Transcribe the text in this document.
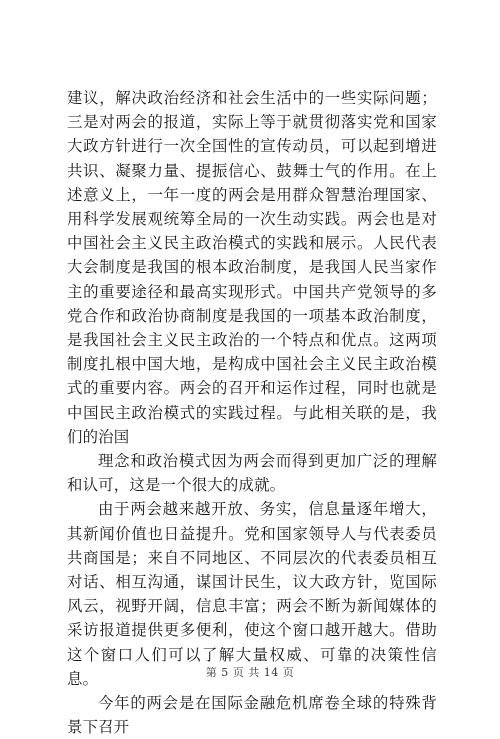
建议，解决政治经济和社会生活中的一些实际问题；三是对两会的报道，实际上等于就贯彻落实党和国家大政方针进行一次全国性的宣传动员，可以起到增进共识、凝聚力量、提振信心、鼓舞士气的作用。在上述意义上，一年一度的两会是用群众智慧治理国家、用科学发展观统筹全局的一次生动实践。两会也是对中国社会主义民主政治模式的实践和展示。人民代表大会制度是我国的根本政治制度，是我国人民当家作主的重要途径和最高实现形式。中国共产党领导的多党合作和政治协商制度是我国的一项基本政治制度，是我国社会主义民主政治的一个特点和优点。这两项制度扎根中国大地，是构成中国社会主义民主政治模式的重要内容。两会的召开和运作过程，同时也就是中国民主政治模式的实践过程。与此相关联的是，我们的治国

理念和政治模式因为两会而得到更加广泛的理解和认可，这是一个很大的成就。

由于两会越来越开放、务实，信息量逐年增大，其新闻价值也日益提升。党和国家领导人与代表委员共商国是；来自不同地区、不同层次的代表委员相互对话、相互沟通，谋国计民生，议大政方针，览国际风云，视野开阔，信息丰富；两会不断为新闻媒体的采访报道提供更多便利，使这个窗口越开越大。借助这个窗口人们可以了解大量权威、可靠的决策性信息。

今年的两会是在国际金融危机席卷全球的特殊背景下召开

第 5 页 共 14 页
